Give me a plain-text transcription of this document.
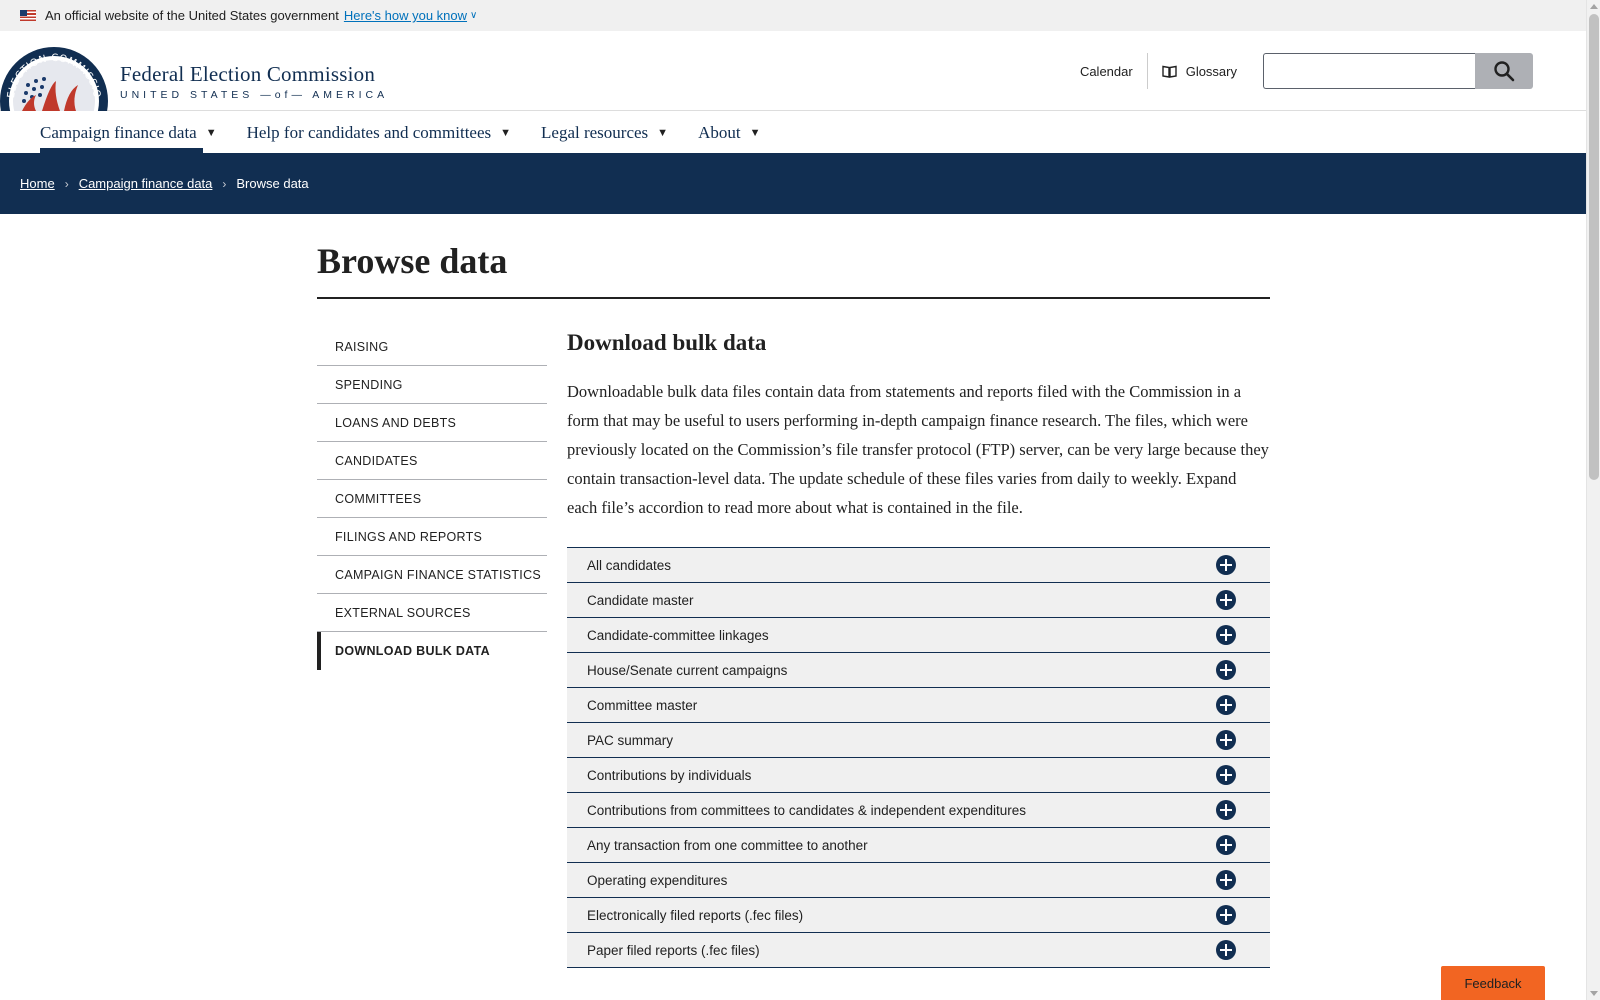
An official website of the United States government Here's how you know ∨
ELECTION COMMISSIO
Federal Election Commission
UNITED STATES —of— AMERICA
Calendar	Glossary
Campaign finance data ▼ Help for candidates and committees ▼ Legal resources ▼ About ▼
Home › Campaign finance data › Browse data
Browse data
RAISING
SPENDING
LOANS AND DEBTS
CANDIDATES
COMMITTEES
FILINGS AND REPORTS
CAMPAIGN FINANCE STATISTICS
EXTERNAL SOURCES
DOWNLOAD BULK DATA
Download bulk data

Downloadable bulk data files contain data from statements and reports filed with the Commission in a form that may be useful to users performing in-depth campaign finance research. The files, which were previously located on the Commission’s file transfer protocol (FTP) server, can be very large because they contain transaction-level data. The update schedule of these files varies from daily to weekly. Expand each file’s accordion to read more about what is contained in the file.

All candidates
Candidate master
Candidate-committee linkages
House/Senate current campaigns
Committee master
PAC summary
Contributions by individuals
Contributions from committees to candidates & independent expenditures
Any transaction from one committee to another
Operating expenditures
Electronically filed reports (.fec files)
Paper filed reports (.fec files)
Feedback
